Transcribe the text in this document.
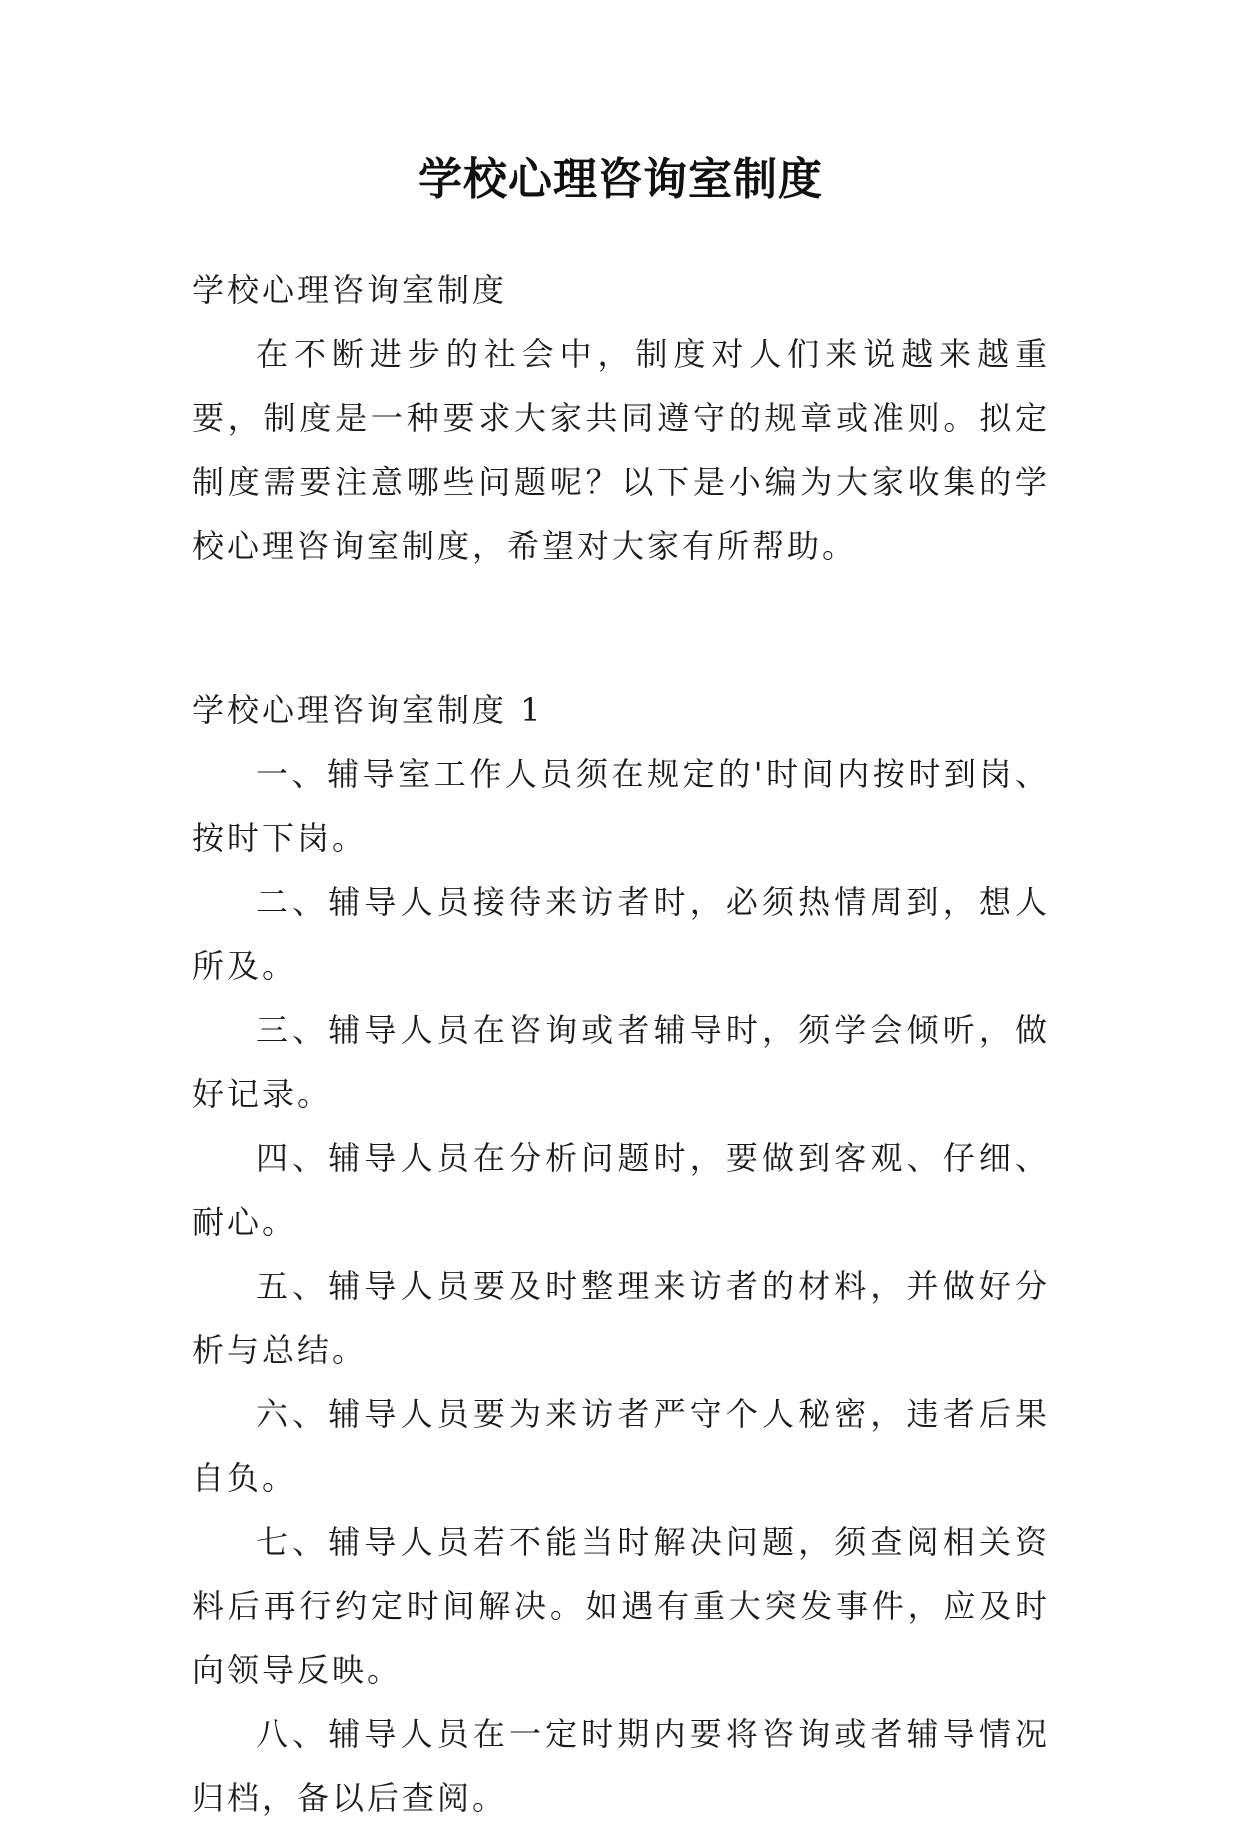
学校心理咨询室制度

学校心理咨询室制度

在不断进步的社会中，制度对人们来说越来越重要，制度是一种要求大家共同遵守的规章或准则。拟定制度需要注意哪些问题呢？以下是小编为大家收集的学校心理咨询室制度，希望对大家有所帮助。

学校心理咨询室制度 1

一、辅导室工作人员须在规定的'时间内按时到岗、按时下岗。

二、辅导人员接待来访者时，必须热情周到，想人所及。

三、辅导人员在咨询或者辅导时，须学会倾听，做好记录。

四、辅导人员在分析问题时，要做到客观、仔细、耐心。

五、辅导人员要及时整理来访者的材料，并做好分析与总结。

六、辅导人员要为来访者严守个人秘密，违者后果自负。

七、辅导人员若不能当时解决问题，须查阅相关资料后再行约定时间解决。如遇有重大突发事件，应及时向领导反映。

八、辅导人员在一定时期内要将咨询或者辅导情况归档，备以后查阅。
